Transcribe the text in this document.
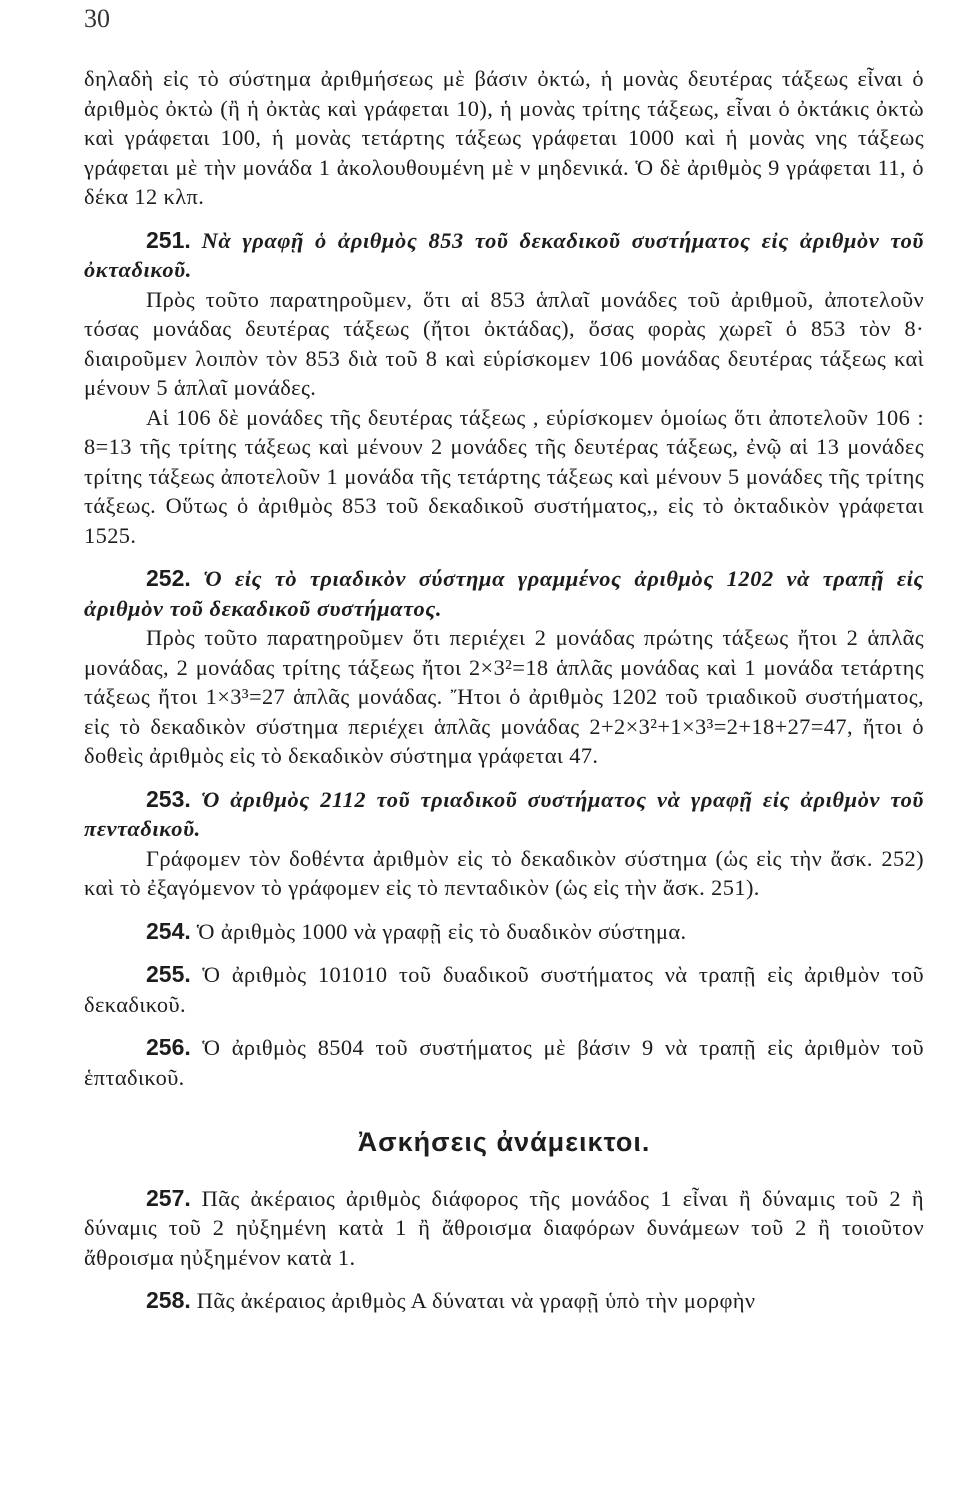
30

δηλαδὴ εἰς τὸ σύστημα ἀριθμήσεως μὲ βάσιν ὀκτώ, ἡ μονὰς δευτέρας τάξεως εἶναι ὁ ἀριθμὸς ὀκτὼ (ἢ ἡ ὀκτὰς καὶ γράφεται 10), ἡ μονὰς τρίτης τάξεως, εἶναι ὁ ὀκτάκις ὀκτὼ καὶ γράφεται 100, ἡ μονὰς τετάρτης τάξεως γράφεται 1000 καὶ ἡ μονὰς νης τάξεως γράφεται μὲ τὴν μονάδα 1 ἀκολουθουμένη μὲ ν μηδενικά. Ὁ δὲ ἀριθμὸς 9 γράφεται 11, ὁ δέκα 12 κλπ.

251. Νὰ γραφῇ ὁ ἀριθμὸς 853 τοῦ δεκαδικοῦ συστήματος εἰς ἀριθμὸν τοῦ ὀκταδικοῦ.

Πρὸς τοῦτο παρατηροῦμεν, ὅτι αἱ 853 ἁπλαῖ μονάδες τοῦ ἀριθμοῦ, ἀποτελοῦν τόσας μονάδας δευτέρας τάξεως (ἤτοι ὀκτάδας), ὅσας φορὰς χωρεῖ ὁ 853 τὸν 8· διαιροῦμεν λοιπὸν τὸν 853 διὰ τοῦ 8 καὶ εὑρίσκομεν 106 μονάδας δευτέρας τάξεως καὶ μένουν 5 ἁπλαῖ μονάδες.

Αἱ 106 δὲ μονάδες τῆς δευτέρας τάξεως , εὑρίσκομεν ὁμοίως ὅτι ἀποτελοῦν 106 : 8=13 τῆς τρίτης τάξεως καὶ μένουν 2 μονάδες τῆς δευτέρας τάξεως, ἐνῷ αἱ 13 μονάδες τρίτης τάξεως ἀποτελοῦν 1 μονάδα τῆς τετάρτης τάξεως καὶ μένουν 5 μονάδες τῆς τρίτης τάξεως. Οὕτως ὁ ἀριθμὸς 853 τοῦ δεκαδικοῦ συστήματος,, εἰς τὸ ὀκταδικὸν γράφεται 1525.

252. Ὁ εἰς τὸ τριαδικὸν σύστημα γραμμένος ἀριθμὸς 1202 νὰ τραπῇ εἰς ἀριθμὸν τοῦ δεκαδικοῦ συστήματος.

Πρὸς τοῦτο παρατηροῦμεν ὅτι περιέχει 2 μονάδας πρώτης τάξεως ἤτοι 2 ἁπλᾶς μονάδας, 2 μονάδας τρίτης τάξεως ἤτοι 2×3²=18 ἁπλᾶς μονάδας καὶ 1 μονάδα τετάρτης τάξεως ἤτοι 1×3³=27 ἁπλᾶς μονάδας. Ἤτοι ὁ ἀριθμὸς 1202 τοῦ τριαδικοῦ συστήματος, εἰς τὸ δεκαδικὸν σύστημα περιέχει ἁπλᾶς μονάδας 2+2×3²+1×3³=2+18+27=47, ἤτοι ὁ δοθεὶς ἀριθμὸς εἰς τὸ δεκαδικὸν σύστημα γράφεται 47.

253. Ὁ ἀριθμὸς 2112 τοῦ τριαδικοῦ συστήματος νὰ γραφῇ εἰς ἀριθμὸν τοῦ πενταδικοῦ.

Γράφομεν τὸν δοθέντα ἀριθμὸν εἰς τὸ δεκαδικὸν σύστημα (ὡς εἰς τὴν ἄσκ. 252) καὶ τὸ ἐξαγόμενον τὸ γράφομεν εἰς τὸ πενταδικὸν (ὡς εἰς τὴν ἄσκ. 251).

254. Ὁ ἀριθμὸς 1000 νὰ γραφῇ εἰς τὸ δυαδικὸν σύστημα.

255. Ὁ ἀριθμὸς 101010 τοῦ δυαδικοῦ συστήματος νὰ τραπῇ εἰς ἀριθμὸν τοῦ δεκαδικοῦ.

256. Ὁ ἀριθμὸς 8504 τοῦ συστήματος μὲ βάσιν 9 νὰ τραπῇ εἰς ἀριθμὸν τοῦ ἑπταδικοῦ.

Ἀσκήσεις ἀνάμεικτοι.

257. Πᾶς ἀκέραιος ἀριθμὸς διάφορος τῆς μονάδος 1 εἶναι ἢ δύναμις τοῦ 2 ἢ δύναμις τοῦ 2 ηὐξημένη κατὰ 1 ἢ ἄθροισμα διαφόρων δυνάμεων τοῦ 2 ἢ τοιοῦτον ἄθροισμα ηὐξημένον κατὰ 1.

258. Πᾶς ἀκέραιος ἀριθμὸς Α δύναται νὰ γραφῇ ὑπὸ τὴν μορφὴν
